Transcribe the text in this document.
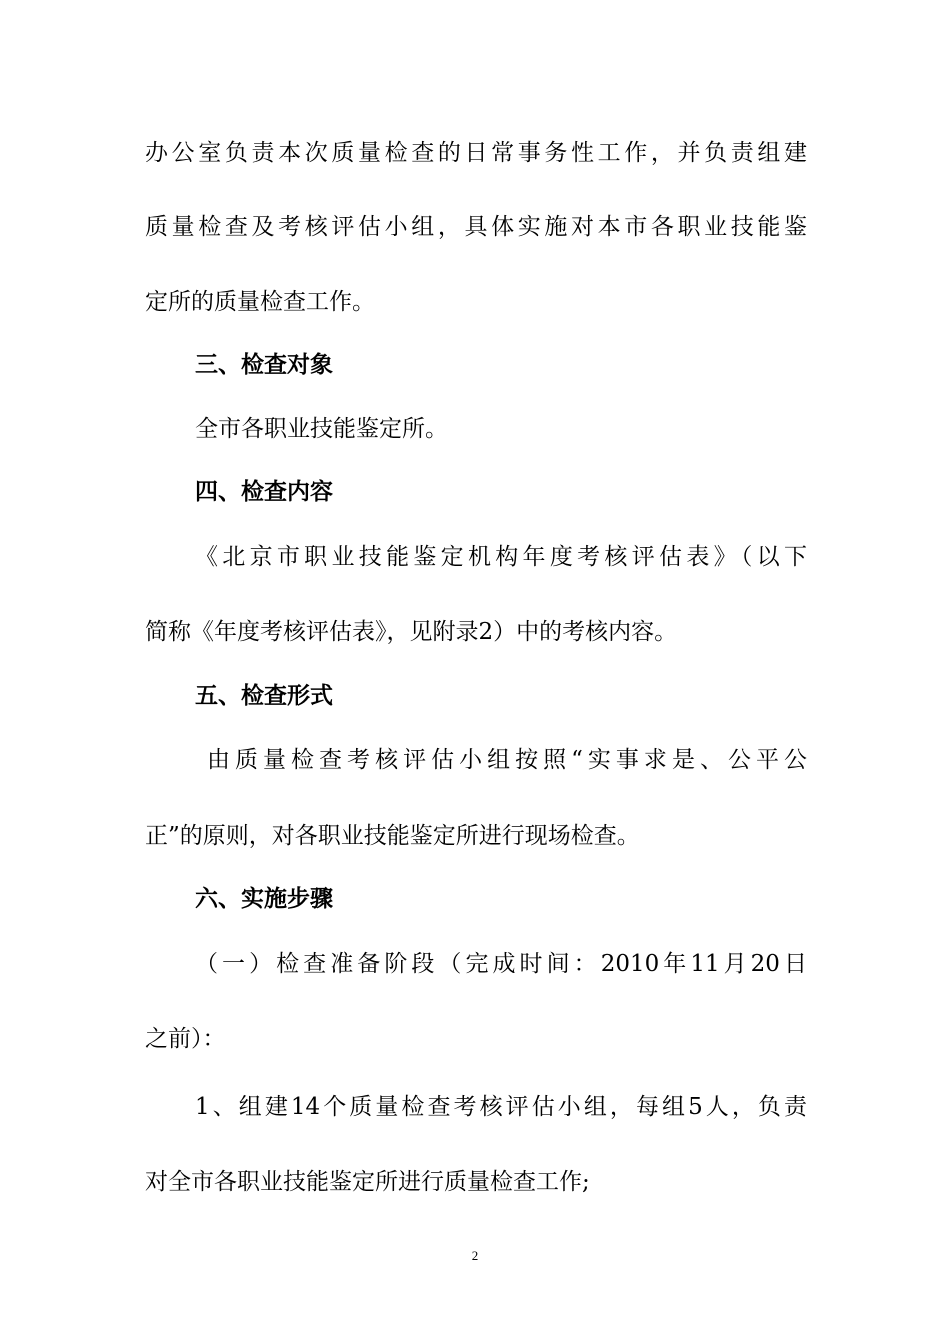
办公室负责本次质量检查的日常事务性工作，并负责组建
质量检查及考核评估小组，具体实施对本市各职业技能鉴
定所的质量检查工作。
三、检查对象
全市各职业技能鉴定所。
四、检查内容
《北京市职业技能鉴定机构年度考核评估表》（以下
简称《年度考核评估表》，见附录2）中的考核内容。
五、检查形式
由质量检查考核评估小组按照“实事求是、公平公
正”的原则，对各职业技能鉴定所进行现场检查。
六、实施步骤
（一）检查准备阶段（完成时间：2010年11月20日
之前）：
1、组建14个质量检查考核评估小组，每组5人，负责
对全市各职业技能鉴定所进行质量检查工作;
2
